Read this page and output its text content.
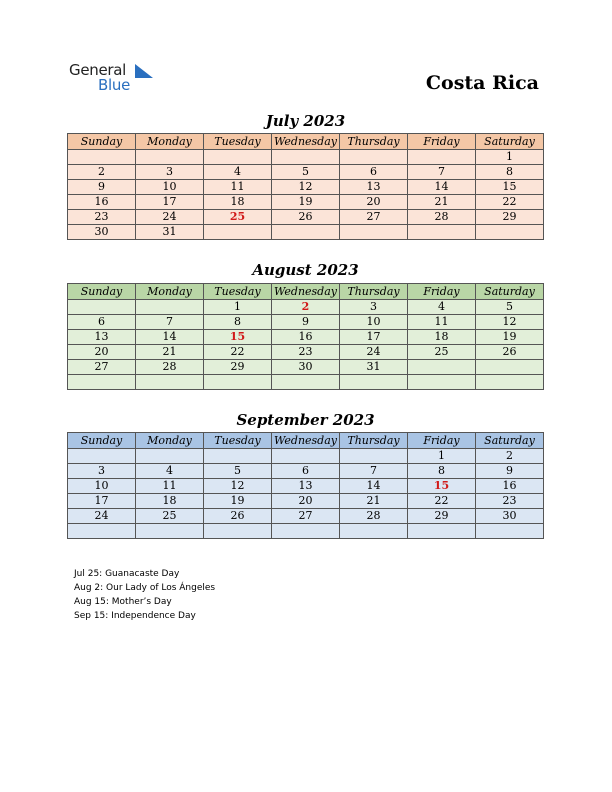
General
Blue	Costa Rica
July 2023
Sunday	Monday	Tuesday	Wednesday	Thursday	Friday	Saturday
						1
2	3	4	5	6	7	8
9	10	11	12	13	14	15
16	17	18	19	20	21	22
23	24	25	26	27	28	29
30	31					
August 2023
Sunday	Monday	Tuesday	Wednesday	Thursday	Friday	Saturday
		1	2	3	4	5
6	7	8	9	10	11	12
13	14	15	16	17	18	19
20	21	22	23	24	25	26
27	28	29	30	31		

September 2023
Sunday	Monday	Tuesday	Wednesday	Thursday	Friday	Saturday
					1	2
3	4	5	6	7	8	9
10	11	12	13	14	15	16
17	18	19	20	21	22	23
24	25	26	27	28	29	30

Jul 25: Guanacaste Day
Aug 2: Our Lady of Los Ángeles
Aug 15: Mother’s Day
Sep 15: Independence Day
